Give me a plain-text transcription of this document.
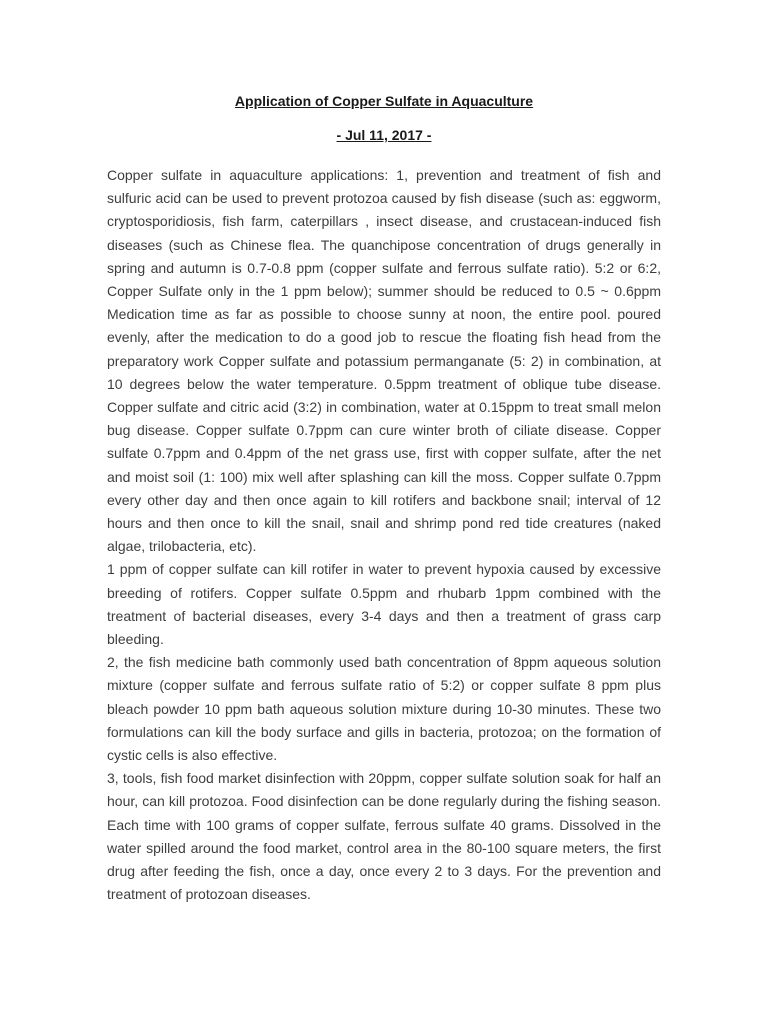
Application of Copper Sulfate in Aquaculture
- Jul 11, 2017 -

Copper sulfate in aquaculture applications: 1, prevention and treatment of fish and sulfuric acid can be used to prevent protozoa caused by fish disease (such as: eggworm, cryptosporidiosis, fish farm, caterpillars , insect disease, and crustacean-induced fish diseases (such as Chinese flea. The quanchipose concentration of drugs generally in spring and autumn is 0.7-0.8 ppm (copper sulfate and ferrous sulfate ratio). 5:2 or 6:2, Copper Sulfate only in the 1 ppm below); summer should be reduced to 0.5 ~ 0.6ppm Medication time as far as possible to choose sunny at noon, the entire pool. poured evenly, after the medication to do a good job to rescue the floating fish head from the preparatory work Copper sulfate and potassium permanganate (5: 2) in combination, at 10 degrees below the water temperature. 0.5ppm treatment of oblique tube disease. Copper sulfate and citric acid (3:2) in combination, water at 0.15ppm to treat small melon bug disease. Copper sulfate 0.7ppm can cure winter broth of ciliate disease. Copper sulfate 0.7ppm and 0.4ppm of the net grass use, first with copper sulfate, after the net and moist soil (1: 100) mix well after splashing can kill the moss. Copper sulfate 0.7ppm every other day and then once again to kill rotifers and backbone snail; interval of 12 hours and then once to kill the snail, snail and shrimp pond red tide creatures (naked algae, trilobacteria, etc).

1 ppm of copper sulfate can kill rotifer in water to prevent hypoxia caused by excessive breeding of rotifers. Copper sulfate 0.5ppm and rhubarb 1ppm combined with the treatment of bacterial diseases, every 3-4 days and then a treatment of grass carp bleeding.

2, the fish medicine bath commonly used bath concentration of 8ppm aqueous solution mixture (copper sulfate and ferrous sulfate ratio of 5:2) or copper sulfate 8 ppm plus bleach powder 10 ppm bath aqueous solution mixture during 10-30 minutes. These two formulations can kill the body surface and gills in bacteria, protozoa; on the formation of cystic cells is also effective.

3, tools, fish food market disinfection with 20ppm, copper sulfate solution soak for half an hour, can kill protozoa. Food disinfection can be done regularly during the fishing season. Each time with 100 grams of copper sulfate, ferrous sulfate 40 grams. Dissolved in the water spilled around the food market, control area in the 80-100 square meters, the first drug after feeding the fish, once a day, once every 2 to 3 days. For the prevention and treatment of protozoan diseases.
